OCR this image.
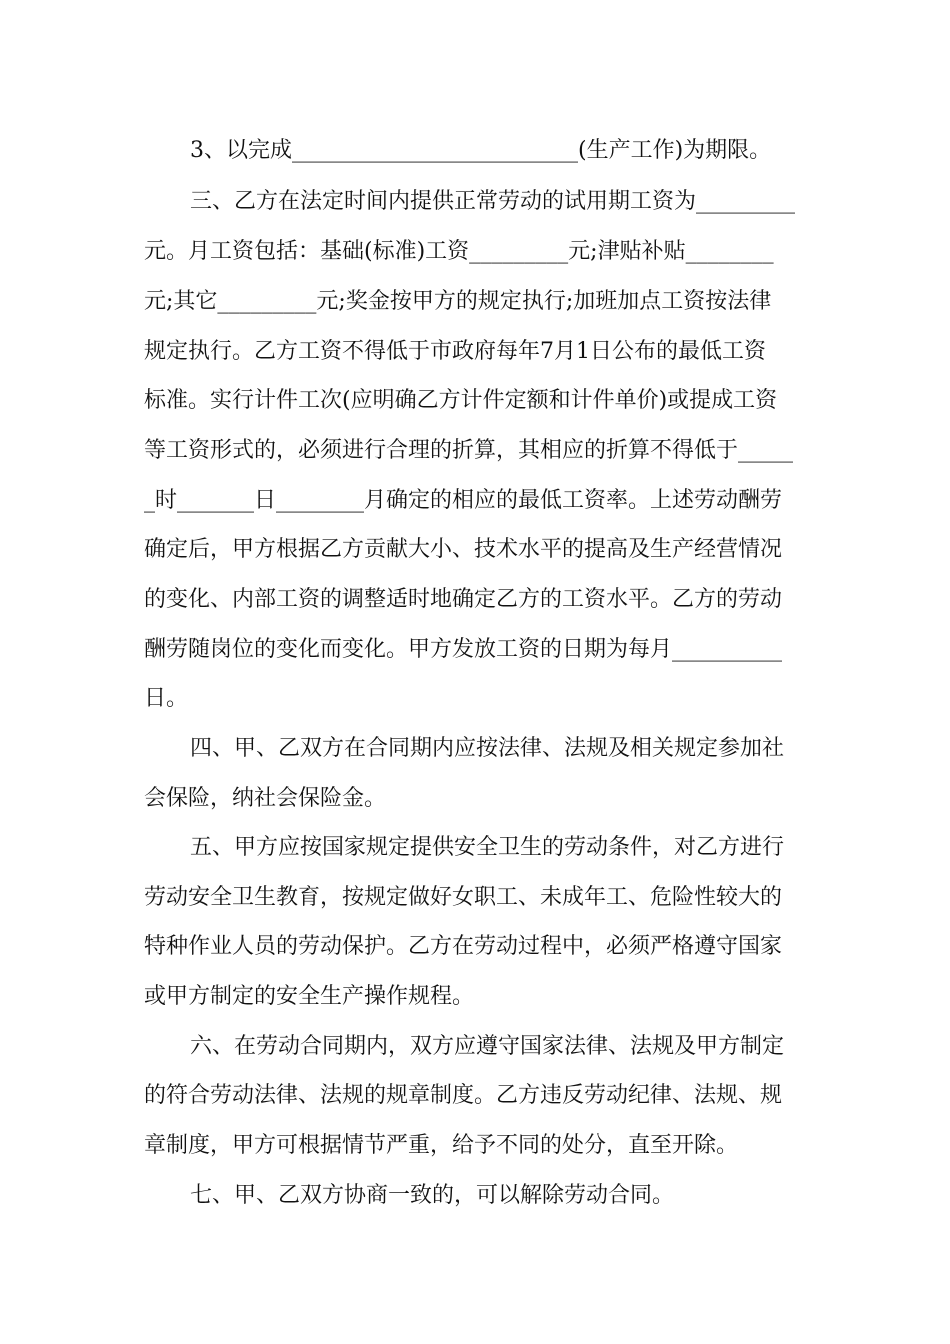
3、以完成__________________________(生产工作)为期限。
三、乙方在法定时间内提供正常劳动的试用期工资为_________
元。月工资包括：基础(标准)工资_________元;津贴补贴________
元;其它_________元;奖金按甲方的规定执行;加班加点工资按法律
规定执行。乙方工资不得低于市政府每年7月1日公布的最低工资
标准。实行计件工次(应明确乙方计件定额和计件单价)或提成工资
等工资形式的，必须进行合理的折算，其相应的折算不得低于_____
_时_______日________月确定的相应的最低工资率。上述劳动酬劳
确定后，甲方根据乙方贡献大小、技术水平的提高及生产经营情况
的变化、内部工资的调整适时地确定乙方的工资水平。乙方的劳动
酬劳随岗位的变化而变化。甲方发放工资的日期为每月__________
日。
四、甲、乙双方在合同期内应按法律、法规及相关规定参加社
会保险，纳社会保险金。
五、甲方应按国家规定提供安全卫生的劳动条件，对乙方进行
劳动安全卫生教育，按规定做好女职工、未成年工、危险性较大的
特种作业人员的劳动保护。乙方在劳动过程中，必须严格遵守国家
或甲方制定的安全生产操作规程。
六、在劳动合同期内，双方应遵守国家法律、法规及甲方制定
的符合劳动法律、法规的规章制度。乙方违反劳动纪律、法规、规
章制度，甲方可根据情节严重，给予不同的处分，直至开除。
七、甲、乙双方协商一致的，可以解除劳动合同。
